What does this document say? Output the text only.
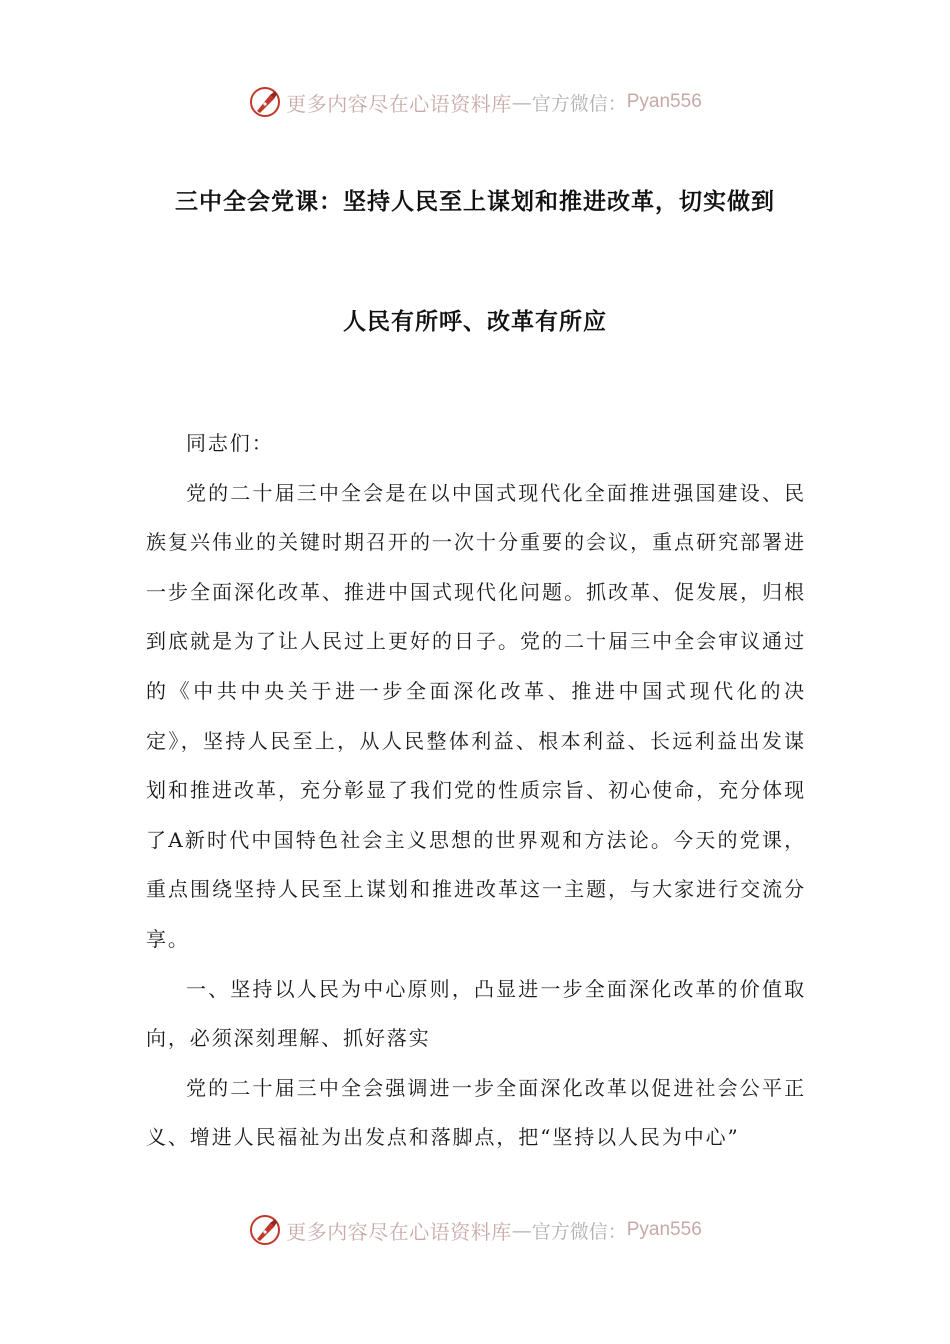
更多内容尽在心语资料库 — 官方微信： Pyan556
三中全会党课：坚持人民至上谋划和推进改革，切实做到
人民有所呼、改革有所应

同志们：

党的二十届三中全会是在以中国式现代化全面推进强国建设、民族复兴伟业的关键时期召开的一次十分重要的会议，重点研究部署进一步全面深化改革、推进中国式现代化问题。抓改革、促发展，归根到底就是为了让人民过上更好的日子。党的二十届三中全会审议通过的《中共中央关于进一步全面深化改革、推进中国式现代化的决定》，坚持人民至上，从人民整体利益、根本利益、长远利益出发谋划和推进改革，充分彰显了我们党的性质宗旨、初心使命，充分体现了A新时代中国特色社会主义思想的世界观和方法论。今天的党课，重点围绕坚持人民至上谋划和推进改革这一主题，与大家进行交流分享。

一、坚持以人民为中心原则，凸显进一步全面深化改革的价值取向，必须深刻理解、抓好落实

党的二十届三中全会强调进一步全面深化改革以促进社会公平正义、增进人民福祉为出发点和落脚点，把“坚持以人民为中心”

更多内容尽在心语资料库 — 官方微信： Pyan556
